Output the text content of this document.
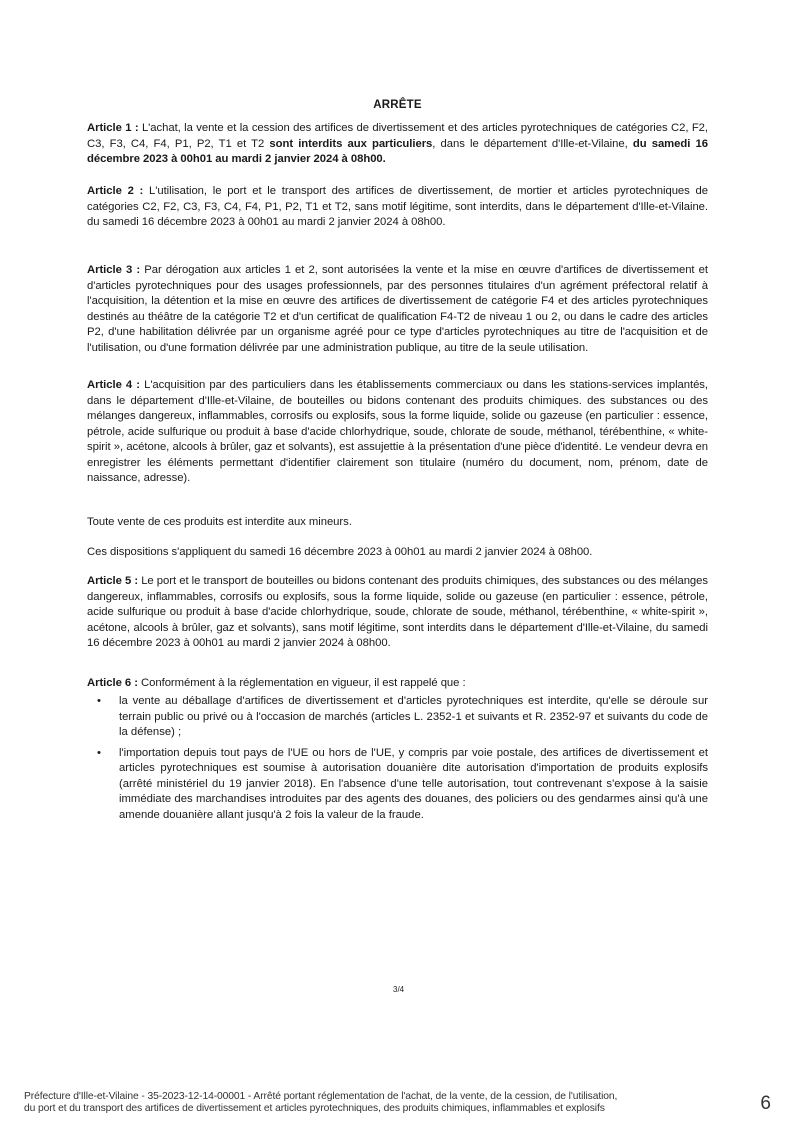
ARRÊTE

Article 1 : L'achat, la vente et la cession des artifices de divertissement et des articles pyrotechniques de catégories C2, F2, C3, F3, C4, F4, P1, P2, T1 et T2 sont interdits aux particuliers, dans le département d'Ille-et-Vilaine, du samedi 16 décembre 2023 à 00h01 au mardi 2 janvier 2024 à 08h00.

Article 2 : L'utilisation, le port et le transport des artifices de divertissement, de mortier et articles pyrotechniques de catégories C2, F2, C3, F3, C4, F4, P1, P2, T1 et T2, sans motif légitime, sont interdits, dans le département d'Ille-et-Vilaine. du samedi 16 décembre 2023 à 00h01 au mardi 2 janvier 2024 à 08h00.

Article 3 : Par dérogation aux articles 1 et 2, sont autorisées la vente et la mise en œuvre d'artifices de divertissement et d'articles pyrotechniques pour des usages professionnels, par des personnes titulaires d'un agrément préfectoral relatif à l'acquisition, la détention et la mise en œuvre des artifices de divertissement de catégorie F4 et des articles pyrotechniques destinés au théâtre de la catégorie T2 et d'un certificat de qualification F4-T2 de niveau 1 ou 2, ou dans le cadre des articles P2, d'une habilitation délivrée par un organisme agréé pour ce type d'articles pyrotechniques au titre de l'acquisition et de l'utilisation, ou d'une formation délivrée par une administration publique, au titre de la seule utilisation.

Article 4 : L'acquisition par des particuliers dans les établissements commerciaux ou dans les stations-services implantés, dans le département d'Ille-et-Vilaine, de bouteilles ou bidons contenant des produits chimiques. des substances ou des mélanges dangereux, inflammables, corrosifs ou explosifs, sous la forme liquide, solide ou gazeuse (en particulier : essence, pétrole, acide sulfurique ou produit à base d'acide chlorhydrique, soude, chlorate de soude, méthanol, térébenthine, « white-spirit », acétone, alcools à brûler, gaz et solvants), est assujettie à la présentation d'une pièce d'identité. Le vendeur devra en enregistrer les éléments permettant d'identifier clairement son titulaire (numéro du document, nom, prénom, date de naissance, adresse).

Toute vente de ces produits est interdite aux mineurs.

Ces dispositions s'appliquent du samedi 16 décembre 2023 à 00h01 au mardi 2 janvier 2024 à 08h00.

Article 5 : Le port et le transport de bouteilles ou bidons contenant des produits chimiques, des substances ou des mélanges dangereux, inflammables, corrosifs ou explosifs, sous la forme liquide, solide ou gazeuse (en particulier : essence, pétrole, acide sulfurique ou produit à base d'acide chlorhydrique, soude, chlorate de soude, méthanol, térébenthine, « white-spirit », acétone, alcools à brûler, gaz et solvants), sans motif légitime, sont interdits dans le département d'Ille-et-Vilaine, du samedi 16 décembre 2023 à 00h01 au mardi 2 janvier 2024 à 08h00.

Article 6 : Conformément à la réglementation en vigueur, il est rappelé que :

• la vente au déballage d'artifices de divertissement et d'articles pyrotechniques est interdite, qu'elle se déroule sur terrain public ou privé ou à l'occasion de marchés (articles L. 2352-1 et suivants et R. 2352-97 et suivants du code de la défense) ;
• l'importation depuis tout pays de l'UE ou hors de l'UE, y compris par voie postale, des artifices de divertissement et articles pyrotechniques est soumise à autorisation douanière dite autorisation d'importation de produits explosifs (arrêté ministériel du 19 janvier 2018). En l'absence d'une telle autorisation, tout contrevenant s'expose à la saisie immédiate des marchandises introduites par des agents des douanes, des policiers ou des gendarmes ainsi qu'à une amende douanière allant jusqu'à 2 fois la valeur de la fraude.
3/4
Préfecture d'Ille-et-Vilaine - 35-2023-12-14-00001 - Arrêté portant réglementation de l'achat, de la vente, de la cession, de l'utilisation,
du port et du transport des artifices de divertissement et articles pyrotechniques, des produits chimiques, inflammables et explosifs	6
